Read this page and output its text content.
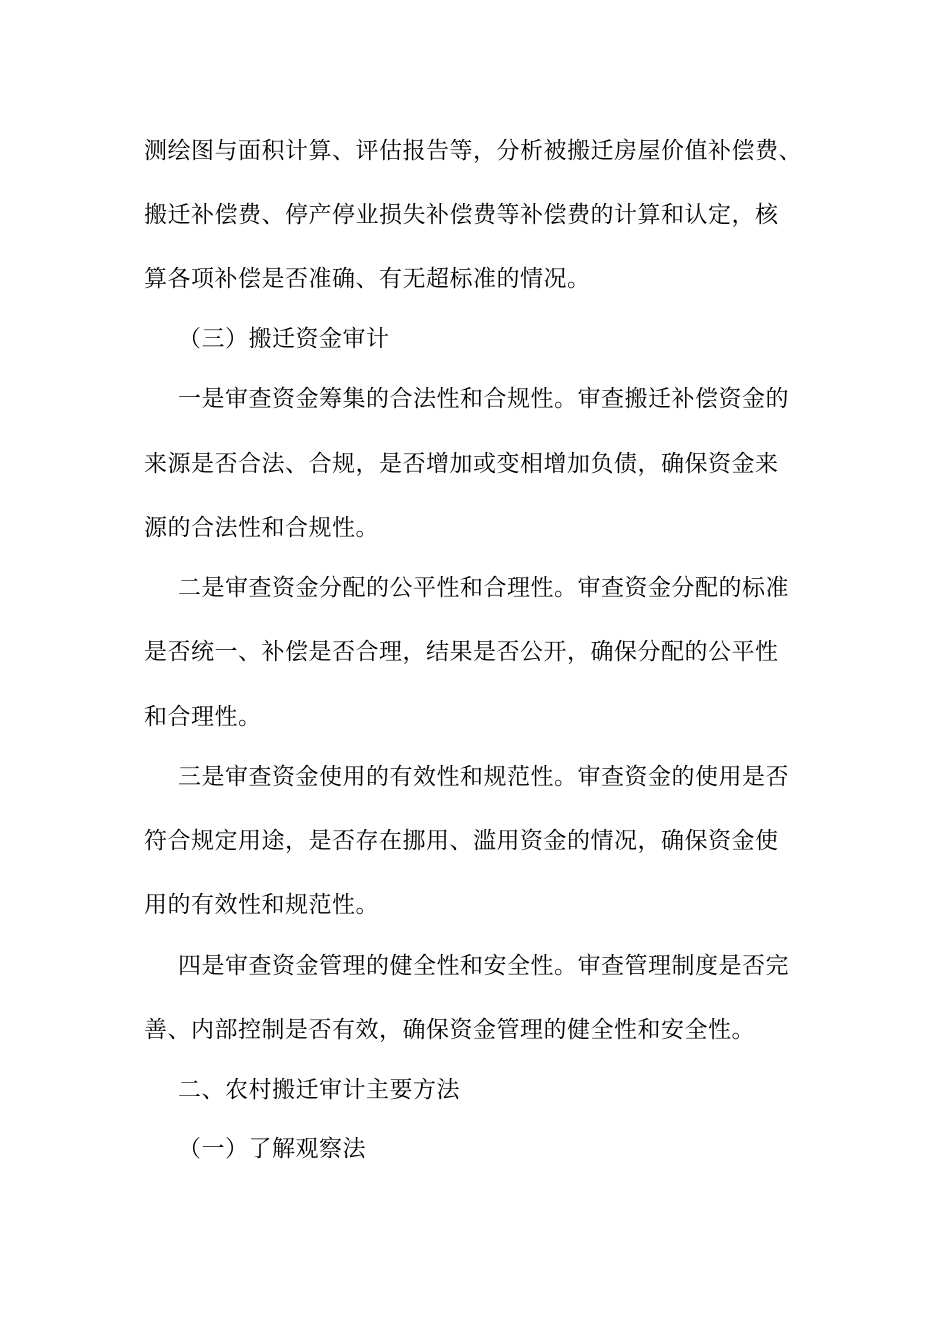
测绘图与面积计算、评估报告等，分析被搬迁房屋价值补偿费、
搬迁补偿费、停产停业损失补偿费等补偿费的计算和认定，核
算各项补偿是否准确、有无超标准的情况。
（三）搬迁资金审计
一是审查资金筹集的合法性和合规性。审查搬迁补偿资金的
来源是否合法、合规，是否增加或变相增加负债，确保资金来
源的合法性和合规性。
二是审查资金分配的公平性和合理性。审查资金分配的标准
是否统一、补偿是否合理，结果是否公开，确保分配的公平性
和合理性。
三是审查资金使用的有效性和规范性。审查资金的使用是否
符合规定用途，是否存在挪用、滥用资金的情况，确保资金使
用的有效性和规范性。
四是审查资金管理的健全性和安全性。审查管理制度是否完
善、内部控制是否有效，确保资金管理的健全性和安全性。
二、农村搬迁审计主要方法
（一）了解观察法
